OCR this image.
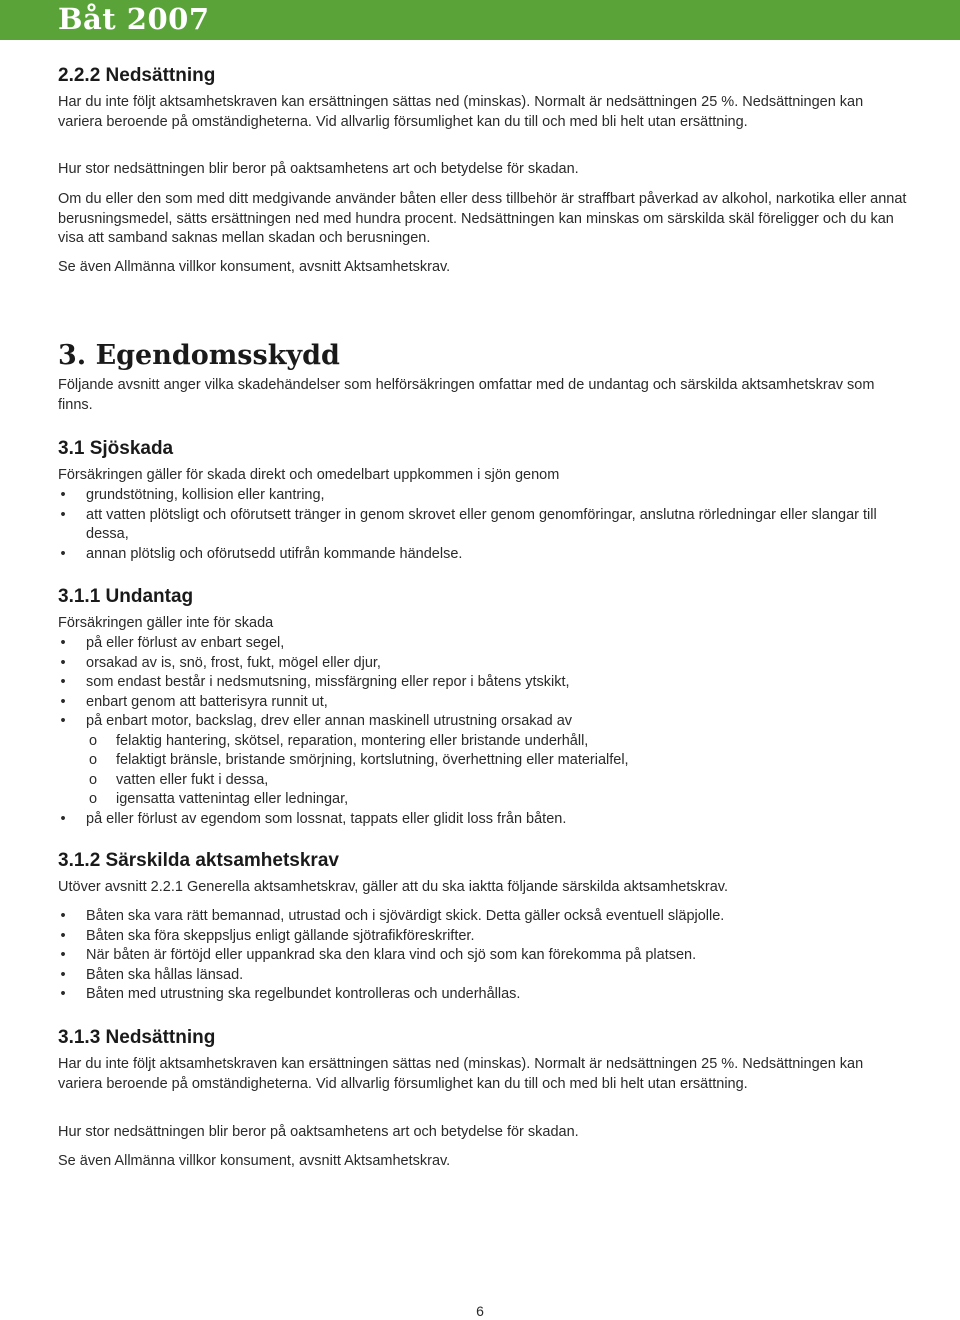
Båt 2007
2.2.2 Nedsättning

Har du inte följt aktsamhetskraven kan ersättningen sättas ned (minskas). Normalt är nedsättningen 25 %. Nedsättningen kan variera beroende på omständigheterna. Vid allvarlig försumlighet kan du till och med bli helt utan ersättning.

Hur stor nedsättningen blir beror på oaktsamhetens art och betydelse för skadan.

Om du eller den som med ditt medgivande använder båten eller dess tillbehör är straffbart påverkad av alkohol, narkotika eller annat berusningsmedel, sätts ersättningen ned med hundra procent. Nedsättningen kan minskas om särskilda skäl föreligger och du kan visa att samband saknas mellan skadan och berusningen.

Se även Allmänna villkor konsument, avsnitt Aktsamhetskrav.

3. Egendomsskydd

Följande avsnitt anger vilka skadehändelser som helförsäkringen omfattar med de undantag och särskilda aktsamhetskrav som finns.

3.1 Sjöskada

Försäkringen gäller för skada direkt och omedelbart uppkommen i sjön genom

• grundstötning, kollision eller kantring,
• att vatten plötsligt och oförutsett tränger in genom skrovet eller genom genomföringar, anslutna rörledningar eller slangar till dessa,
• annan plötslig och oförutsedd utifrån kommande händelse.
3.1.1 Undantag

Försäkringen gäller inte för skada

• på eller förlust av enbart segel,
• orsakad av is, snö, frost, fukt, mögel eller djur,
• som endast består i nedsmutsning, missfärgning eller repor i båtens ytskikt,
• enbart genom att batterisyra runnit ut,
• på enbart motor, backslag, drev eller annan maskinell utrustning orsakad av
o felaktig hantering, skötsel, reparation, montering eller bristande underhåll,
o felaktigt bränsle, bristande smörjning, kortslutning, överhettning eller materialfel,
o vatten eller fukt i dessa,
o igensatta vattenintag eller ledningar,
• på eller förlust av egendom som lossnat, tappats eller glidit loss från båten.
3.1.2 Särskilda aktsamhetskrav

Utöver avsnitt 2.2.1 Generella aktsamhetskrav, gäller att du ska iaktta följande särskilda aktsamhetskrav.

• Båten ska vara rätt bemannad, utrustad och i sjövärdigt skick. Detta gäller också eventuell släpjolle.
• Båten ska föra skeppsljus enligt gällande sjötrafikföreskrifter.
• När båten är förtöjd eller uppankrad ska den klara vind och sjö som kan förekomma på platsen.
• Båten ska hållas länsad.
• Båten med utrustning ska regelbundet kontrolleras och underhållas.
3.1.3 Nedsättning

Har du inte följt aktsamhetskraven kan ersättningen sättas ned (minskas). Normalt är nedsättningen 25 %. Nedsättningen kan variera beroende på omständigheterna. Vid allvarlig försumlighet kan du till och med bli helt utan ersättning.

Hur stor nedsättningen blir beror på oaktsamhetens art och betydelse för skadan.

Se även Allmänna villkor konsument, avsnitt Aktsamhetskrav.

6
